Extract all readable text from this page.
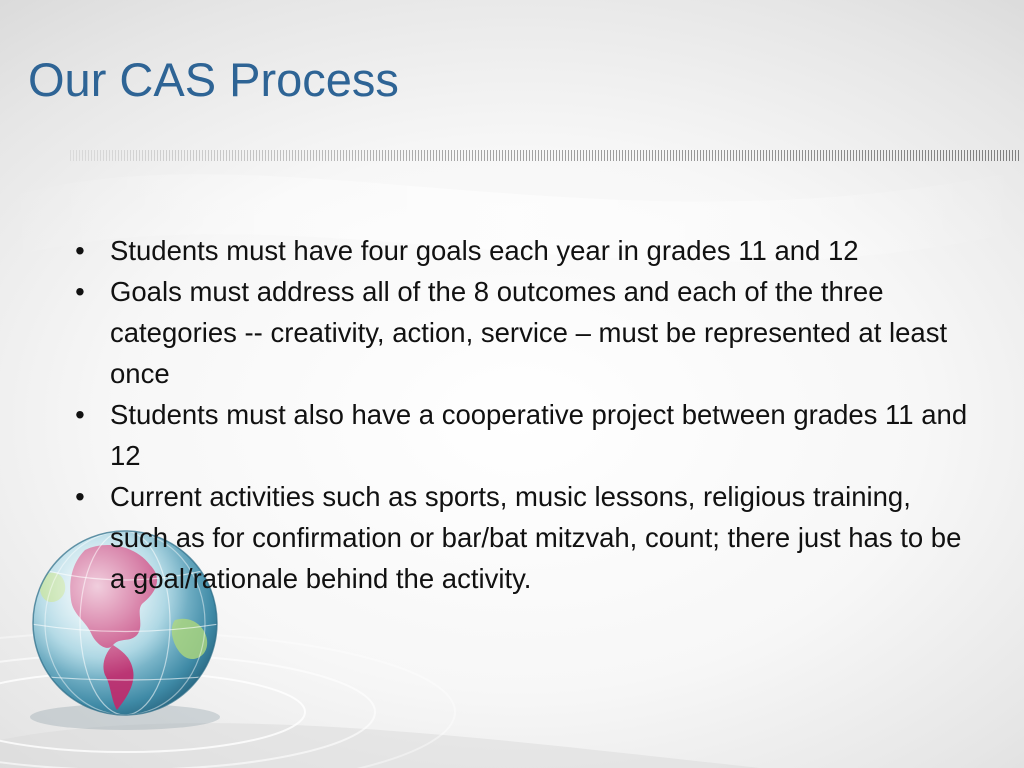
Our CAS Process
• Students must have four goals each year in grades 11 and 12
• Goals must address all of the 8 outcomes and each of the three categories -- creativity, action, service – must be represented at least once
• Students must also have a cooperative project between grades 11 and 12
• Current activities such as sports, music lessons, religious training, such as for confirmation or bar/bat mitzvah, count; there just has to be a goal/rationale behind the activity.
